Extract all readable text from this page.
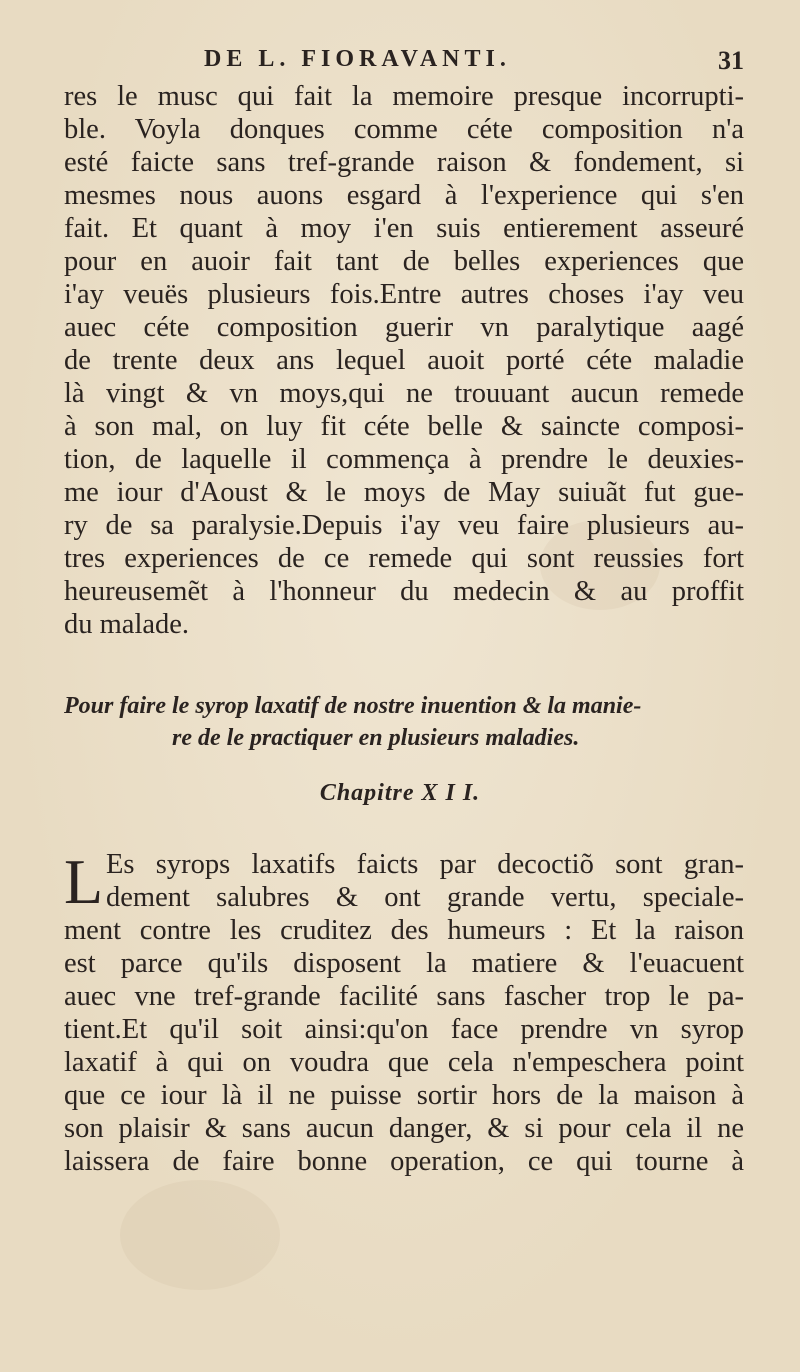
DE L. FIORAVANTI.	31
res le musc qui fait la memoire presque incorrupti-
ble. Voyla donques comme céte composition n'a
esté faicte sans tref-grande raison & fondement, si
mesmes nous auons esgard à l'experience qui s'en
fait. Et quant à moy i'en suis entierement asseuré
pour en auoir fait tant de belles experiences que
i'ay veuës plusieurs fois.Entre autres choses i'ay veu
auec céte composition guerir vn paralytique aagé
de trente deux ans lequel auoit porté céte maladie
là vingt & vn moys,qui ne trouuant aucun remede
à son mal, on luy fit céte belle & saincte composi-
tion, de laquelle il commença à prendre le deuxies-
me iour d'Aoust & le moys de May suiuãt fut gue-
ry de sa paralysie.Depuis i'ay veu faire plusieurs au-
tres experiences de ce remede qui sont reussies fort
heureusemẽt à l'honneur du medecin & au proffit
du malade.
Pour faire le syrop laxatif de nostre inuention & la manie-
re de le practiquer en plusieurs maladies.
Chapitre X I I.
L Es syrops laxatifs faicts par decoctiõ sont gran-
dement salubres & ont grande vertu, speciale-
ment contre les cruditez des humeurs : Et la raison
est parce qu'ils disposent la matiere & l'euacuent
auec vne tref-grande facilité sans fascher trop le pa-
tient.Et qu'il soit ainsi:qu'on face prendre vn syrop
laxatif à qui on voudra que cela n'empeschera point
que ce iour là il ne puisse sortir hors de la maison à
son plaisir & sans aucun danger, & si pour cela il ne
laissera de faire bonne operation, ce qui tourne à
